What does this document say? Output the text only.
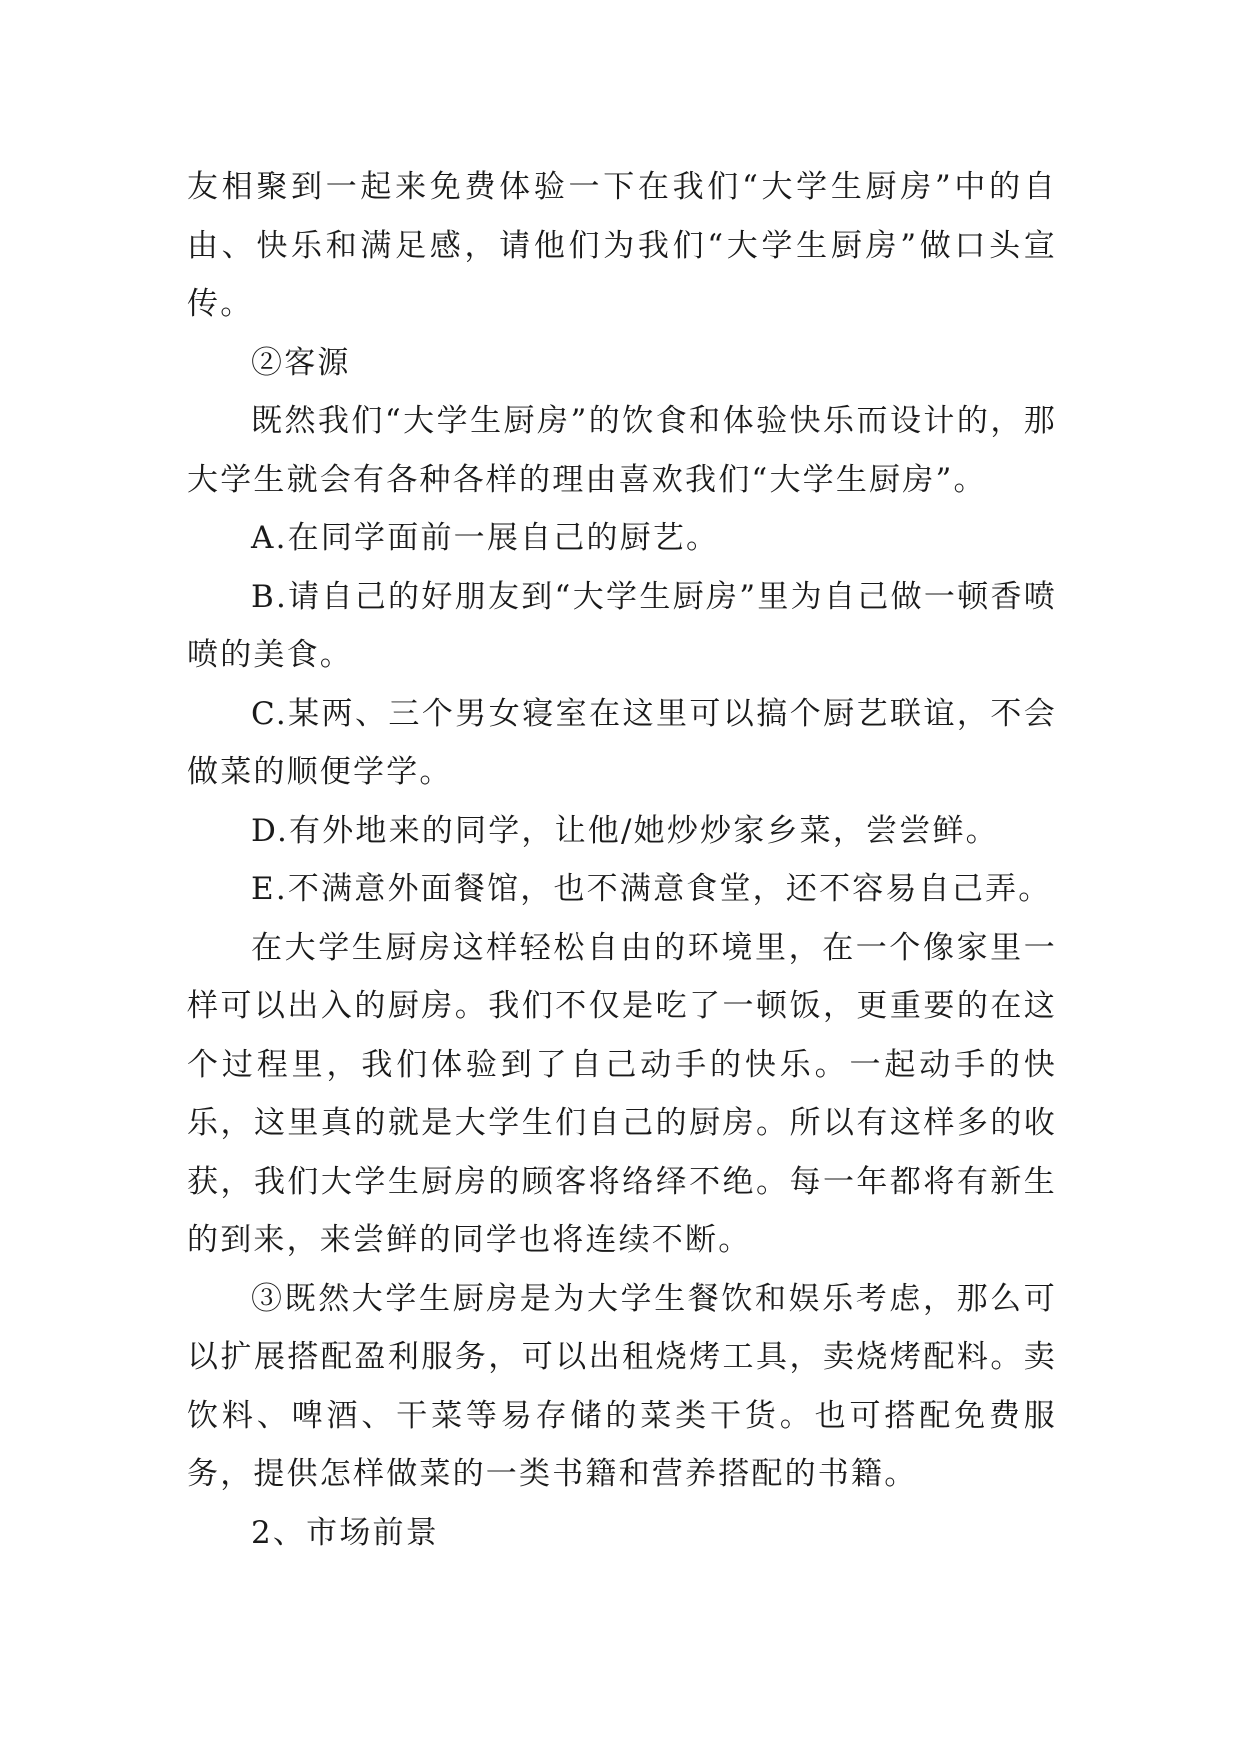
友相聚到一起来免费体验一下在我们“大学生厨房”中的自由、快乐和满足感，请他们为我们“大学生厨房”做口头宣传。

②客源

既然我们“大学生厨房”的饮食和体验快乐而设计的，那大学生就会有各种各样的理由喜欢我们“大学生厨房”。

A.在同学面前一展自己的厨艺。

B.请自己的好朋友到“大学生厨房”里为自己做一顿香喷喷的美食。

C.某两、三个男女寝室在这里可以搞个厨艺联谊，不会做菜的顺便学学。

D.有外地来的同学，让他/她炒炒家乡菜，尝尝鲜。

E.不满意外面餐馆，也不满意食堂，还不容易自己弄。

在大学生厨房这样轻松自由的环境里，在一个像家里一样可以出入的厨房。我们不仅是吃了一顿饭，更重要的在这个过程里，我们体验到了自己动手的快乐。一起动手的快乐，这里真的就是大学生们自己的厨房。所以有这样多的收获，我们大学生厨房的顾客将络绎不绝。每一年都将有新生的到来，来尝鲜的同学也将连续不断。

③既然大学生厨房是为大学生餐饮和娱乐考虑，那么可以扩展搭配盈利服务，可以出租烧烤工具，卖烧烤配料。卖饮料、啤酒、干菜等易存储的菜类干货。也可搭配免费服务，提供怎样做菜的一类书籍和营养搭配的书籍。

2、市场前景
